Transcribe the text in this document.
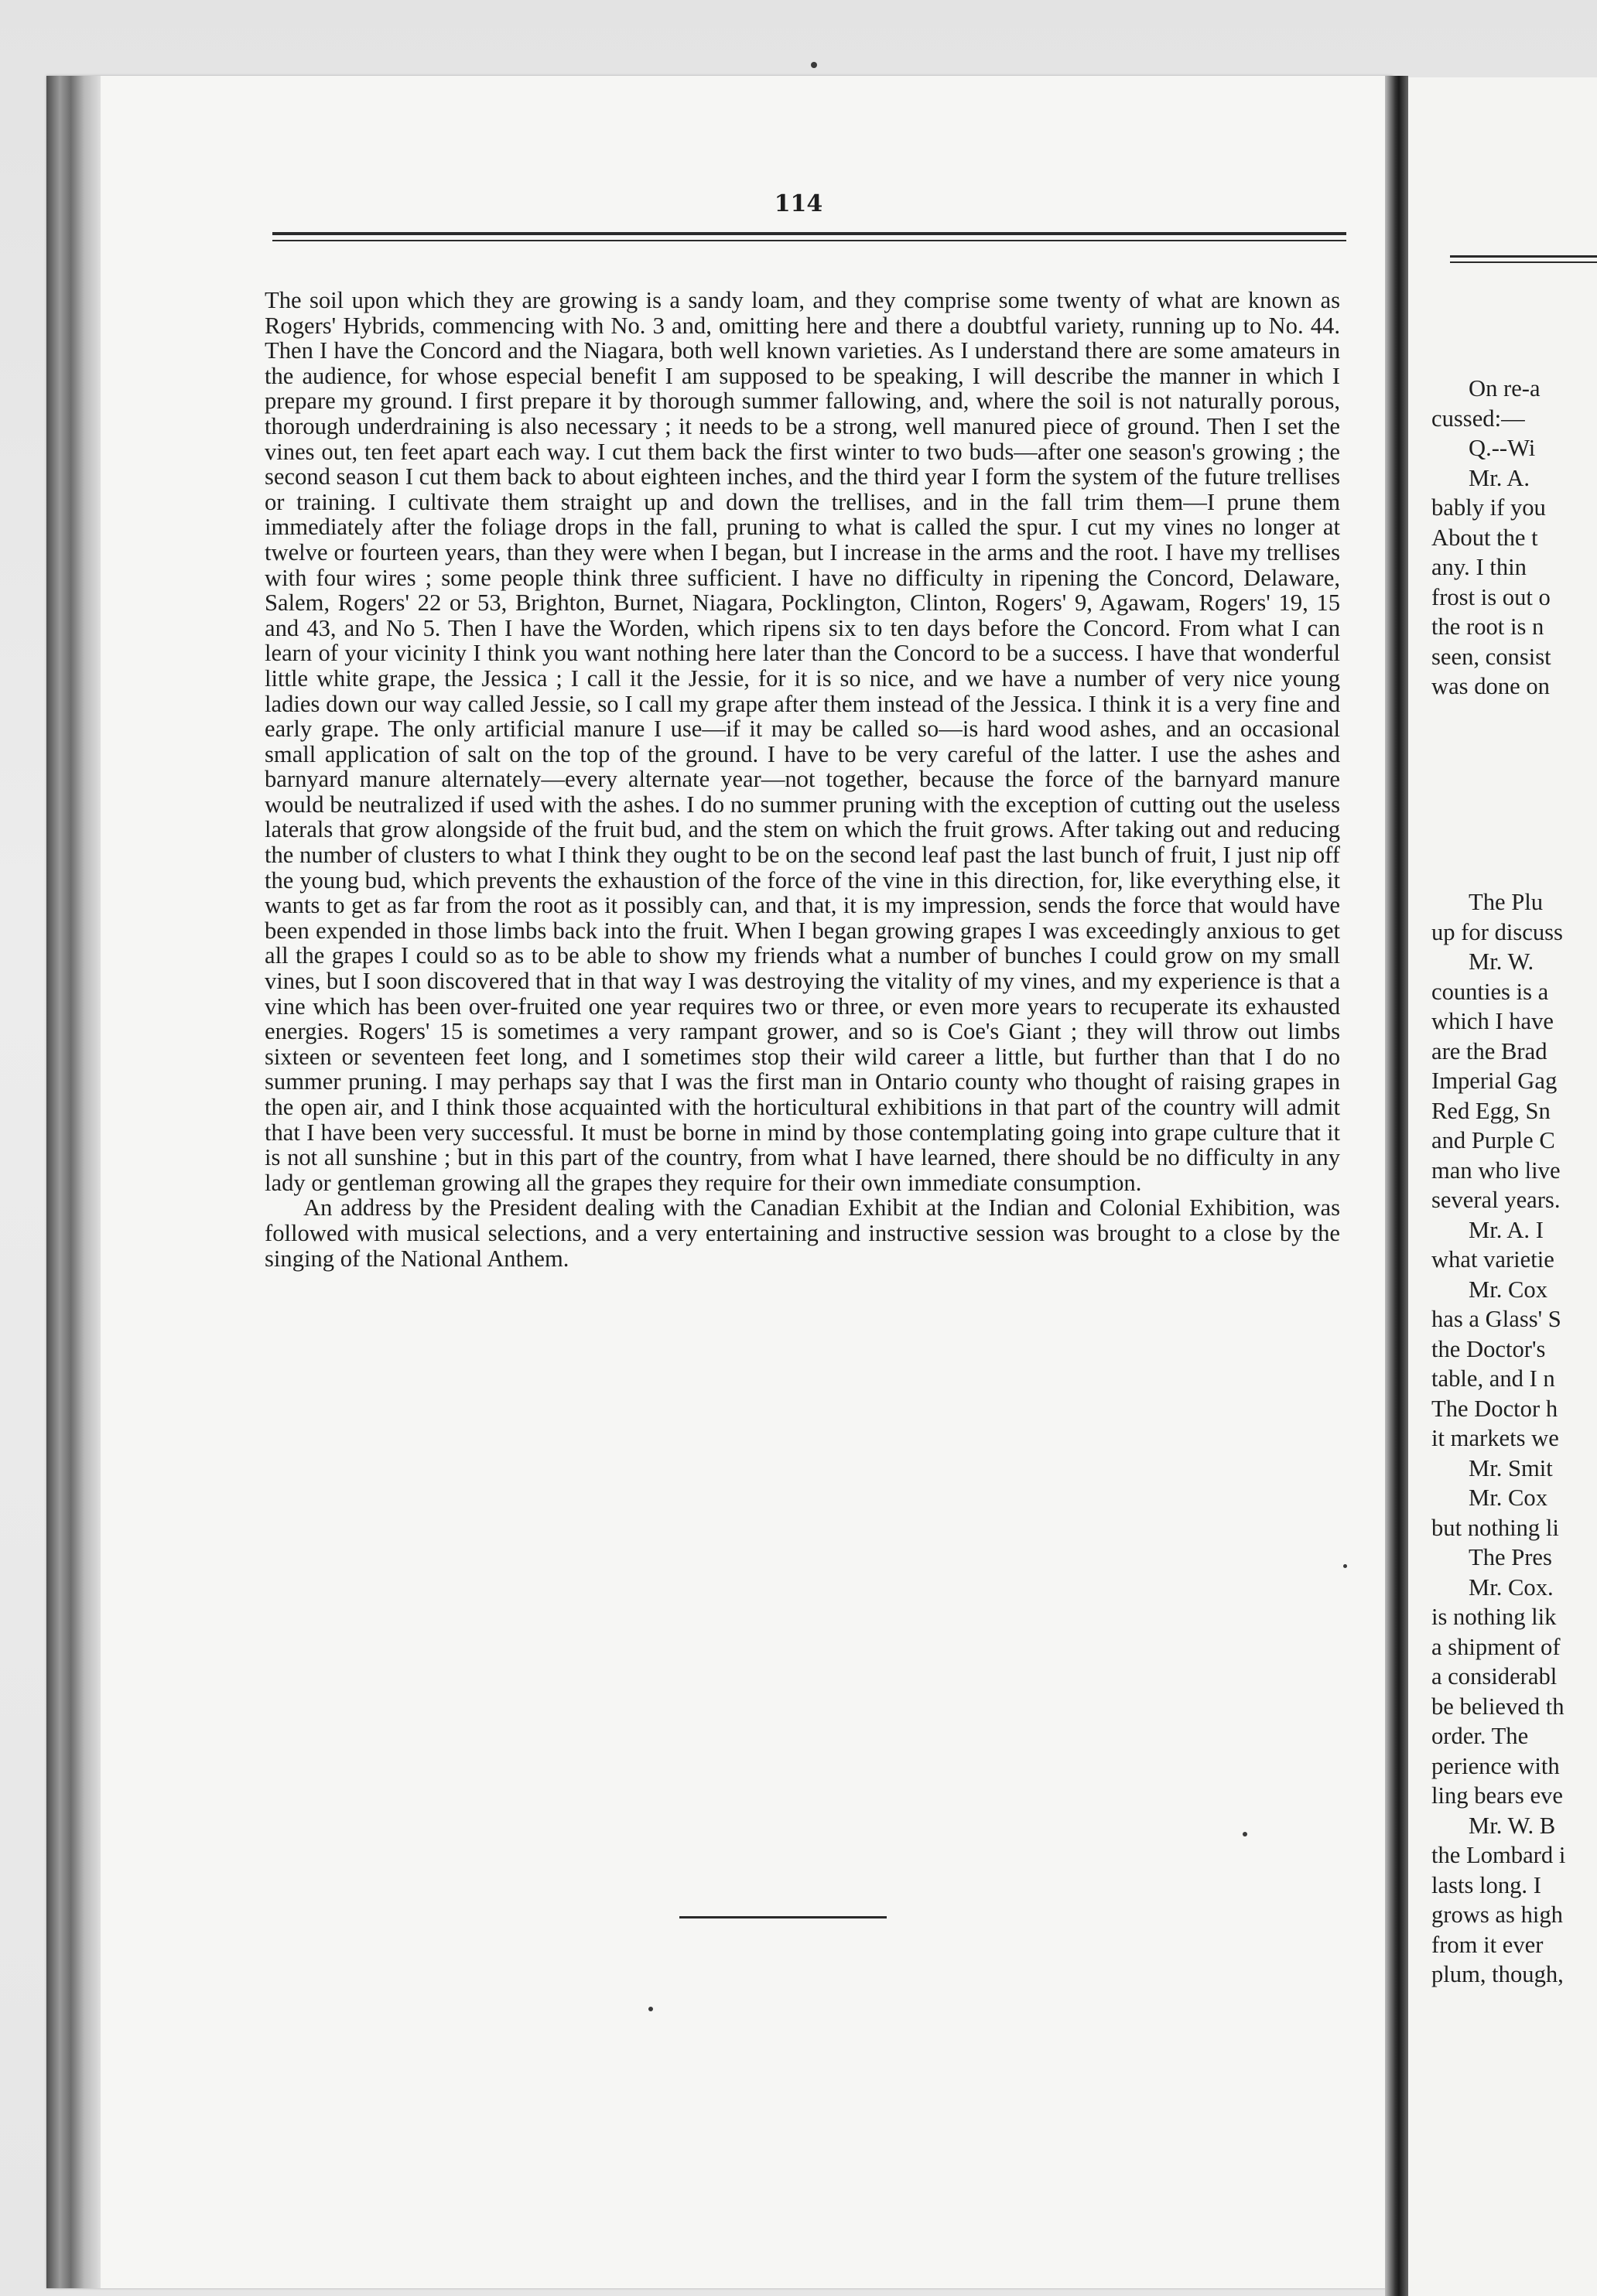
114

The soil upon which they are growing is a sandy loam, and they comprise some twenty of what are known as Rogers' Hybrids, commencing with No. 3 and, omitting here and there a doubtful variety, running up to No. 44. Then I have the Concord and the Niagara, both well known varieties. As I understand there are some amateurs in the audience, for whose especial benefit I am supposed to be speaking, I will describe the manner in which I prepare my ground. I first prepare it by thorough summer fallowing, and, where the soil is not naturally porous, thorough underdraining is also necessary ; it needs to be a strong, well manured piece of ground. Then I set the vines out, ten feet apart each way. I cut them back the first winter to two buds—after one season's growing ; the second season I cut them back to about eighteen inches, and the third year I form the system of the future trellises or training. I cultivate them straight up and down the trellises, and in the fall trim them—I prune them immediately after the foliage drops in the fall, pruning to what is called the spur. I cut my vines no longer at twelve or fourteen years, than they were when I began, but I increase in the arms and the root. I have my trellises with four wires ; some people think three sufficient. I have no difficulty in ripening the Concord, Delaware, Salem, Rogers' 22 or 53, Brighton, Burnet, Niagara, Pocklington, Clinton, Rogers' 9, Agawam, Rogers' 19, 15 and 43, and No 5. Then I have the Worden, which ripens six to ten days before the Concord. From what I can learn of your vicinity I think you want nothing here later than the Concord to be a success. I have that wonderful little white grape, the Jessica ; I call it the Jessie, for it is so nice, and we have a number of very nice young ladies down our way called Jessie, so I call my grape after them instead of the Jessica. I think it is a very fine and early grape. The only artificial manure I use—if it may be called so—is hard wood ashes, and an occasional small application of salt on the top of the ground. I have to be very careful of the latter. I use the ashes and barnyard manure alternately—every alternate year—not together, because the force of the barnyard manure would be neutralized if used with the ashes. I do no summer pruning with the exception of cutting out the useless laterals that grow alongside of the fruit bud, and the stem on which the fruit grows. After taking out and reducing the number of clusters to what I think they ought to be on the second leaf past the last bunch of fruit, I just nip off the young bud, which prevents the exhaustion of the force of the vine in this direction, for, like everything else, it wants to get as far from the root as it possibly can, and that, it is my impression, sends the force that would have been expended in those limbs back into the fruit. When I began growing grapes I was exceedingly anxious to get all the grapes I could so as to be able to show my friends what a number of bunches I could grow on my small vines, but I soon discovered that in that way I was destroying the vitality of my vines, and my experience is that a vine which has been over-fruited one year requires two or three, or even more years to recuperate its exhausted energies. Rogers' 15 is sometimes a very rampant grower, and so is Coe's Giant ; they will throw out limbs sixteen or seventeen feet long, and I sometimes stop their wild career a little, but further than that I do no summer pruning. I may perhaps say that I was the first man in Ontario county who thought of raising grapes in the open air, and I think those acquainted with the horticultural exhibitions in that part of the country will admit that I have been very successful. It must be borne in mind by those contemplating going into grape culture that it is not all sunshine ; but in this part of the country, from what I have learned, there should be no difficulty in any lady or gentleman growing all the grapes they require for their own immediate consumption.

An address by the President dealing with the Canadian Exhibit at the Indian and Colonial Exhibition, was followed with musical selections, and a very entertaining and instructive session was brought to a close by the singing of the National Anthem.

On re-a
cussed:—
Q.--Wi
Mr. A.
bably if you
About the t
any. I thin
frost is out o
the root is n
seen, consist
was done on
The Plu
up for discuss
Mr. W.
counties is a
which I have
are the Brad
Imperial Gag
Red Egg, Sn
and Purple C
man who live
several years.
Mr. A. I
what varietie
Mr. Cox
has a Glass' S
the Doctor's
table, and I n
The Doctor h
it markets we
Mr. Smit
Mr. Cox
but nothing li
The Pres
Mr. Cox.
is nothing lik
a shipment of
a considerabl
be believed th
order. The
perience with
ling bears eve
Mr. W. B
the Lombard i
lasts long. I
grows as high
from it ever
plum, though,
